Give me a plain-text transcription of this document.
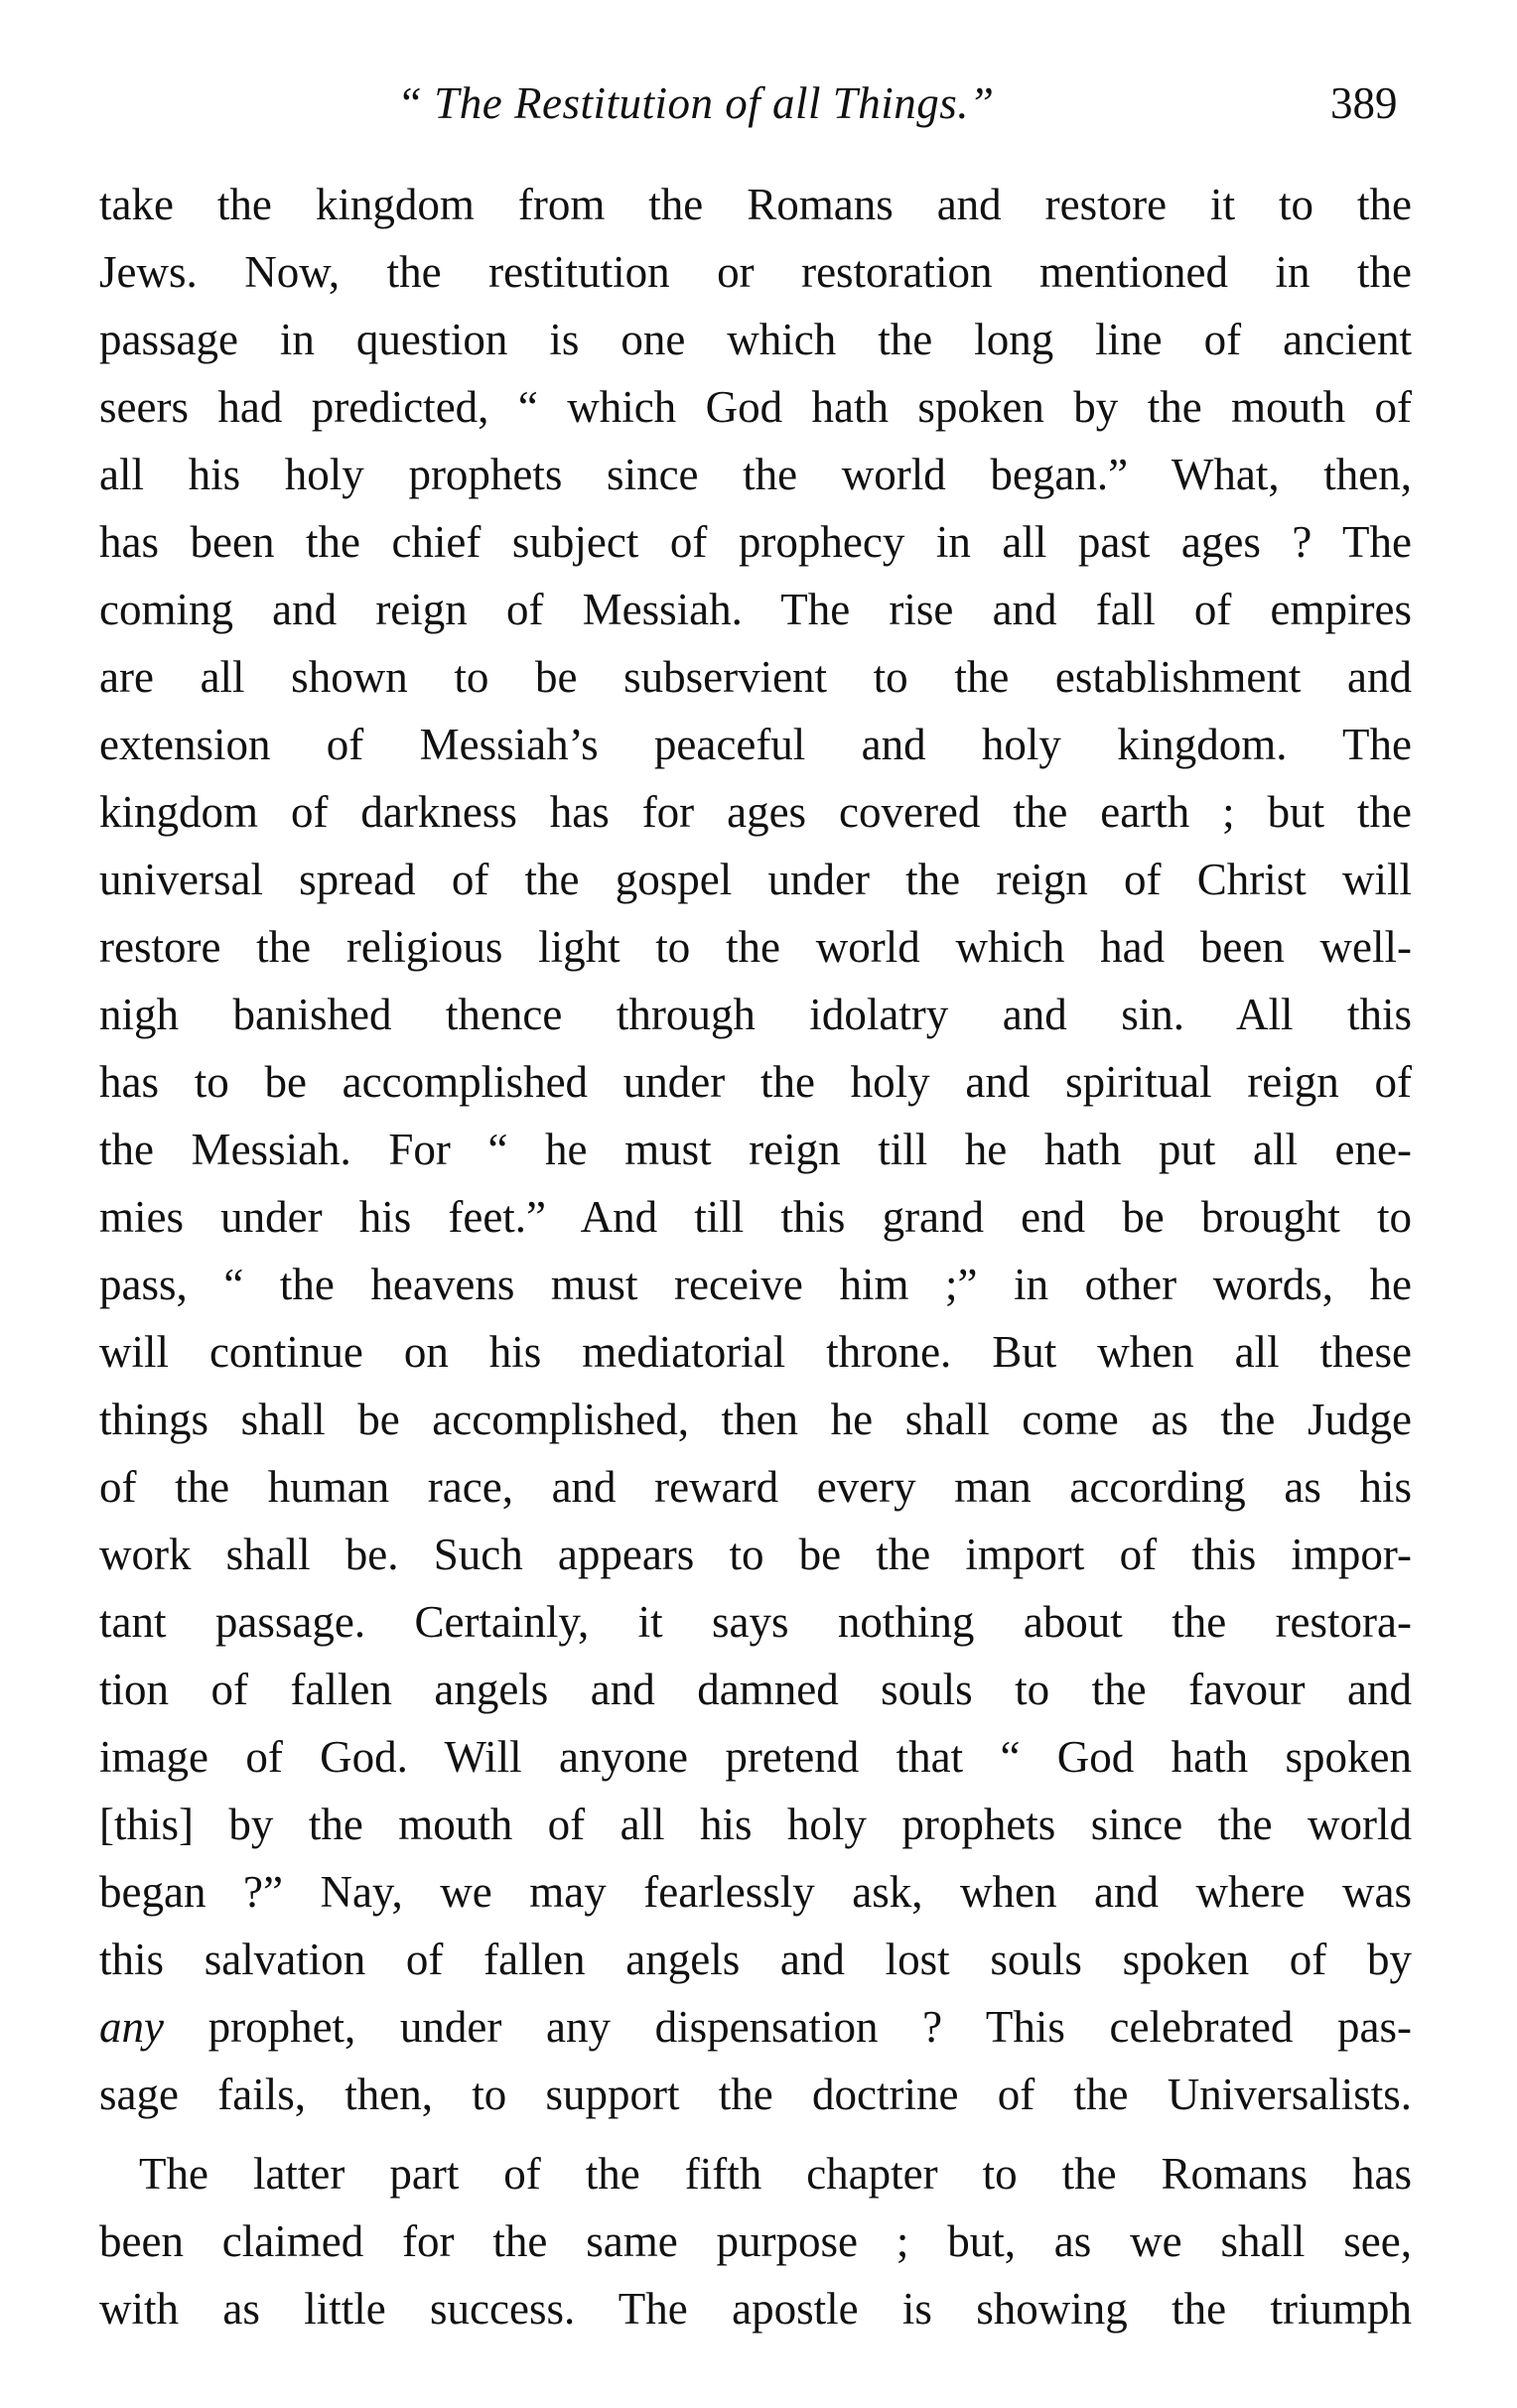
“ The Restitution of all Things.”	389
take the kingdom from the Romans and restore it to the
Jews. Now, the restitution or restoration mentioned in the
passage in question is one which the long line of ancient
seers had predicted, “ which God hath spoken by the mouth of
all his holy prophets since the world began.” What, then,
has been the chief subject of prophecy in all past ages ? The
coming and reign of Messiah. The rise and fall of empires
are all shown to be subservient to the establishment and
extension of Messiah’s peaceful and holy kingdom. The
kingdom of darkness has for ages covered the earth ; but the
universal spread of the gospel under the reign of Christ will
restore the religious light to the world which had been well-
nigh banished thence through idolatry and sin. All this
has to be accomplished under the holy and spiritual reign of
the Messiah. For “ he must reign till he hath put all ene-
mies under his feet.” And till this grand end be brought to
pass, “ the heavens must receive him ;” in other words, he
will continue on his mediatorial throne. But when all these
things shall be accomplished, then he shall come as the Judge
of the human race, and reward every man according as his
work shall be. Such appears to be the import of this impor-
tant passage. Certainly, it says nothing about the restora-
tion of fallen angels and damned souls to the favour and
image of God. Will anyone pretend that “ God hath spoken
[this] by the mouth of all his holy prophets since the world
began ?” Nay, we may fearlessly ask, when and where was
this salvation of fallen angels and lost souls spoken of by
any prophet, under any dispensation ? This celebrated pas-
sage fails, then, to support the doctrine of the Universalists.
The latter part of the fifth chapter to the Romans has
been claimed for the same purpose ; but, as we shall see,
with as little success. The apostle is showing the triumph
